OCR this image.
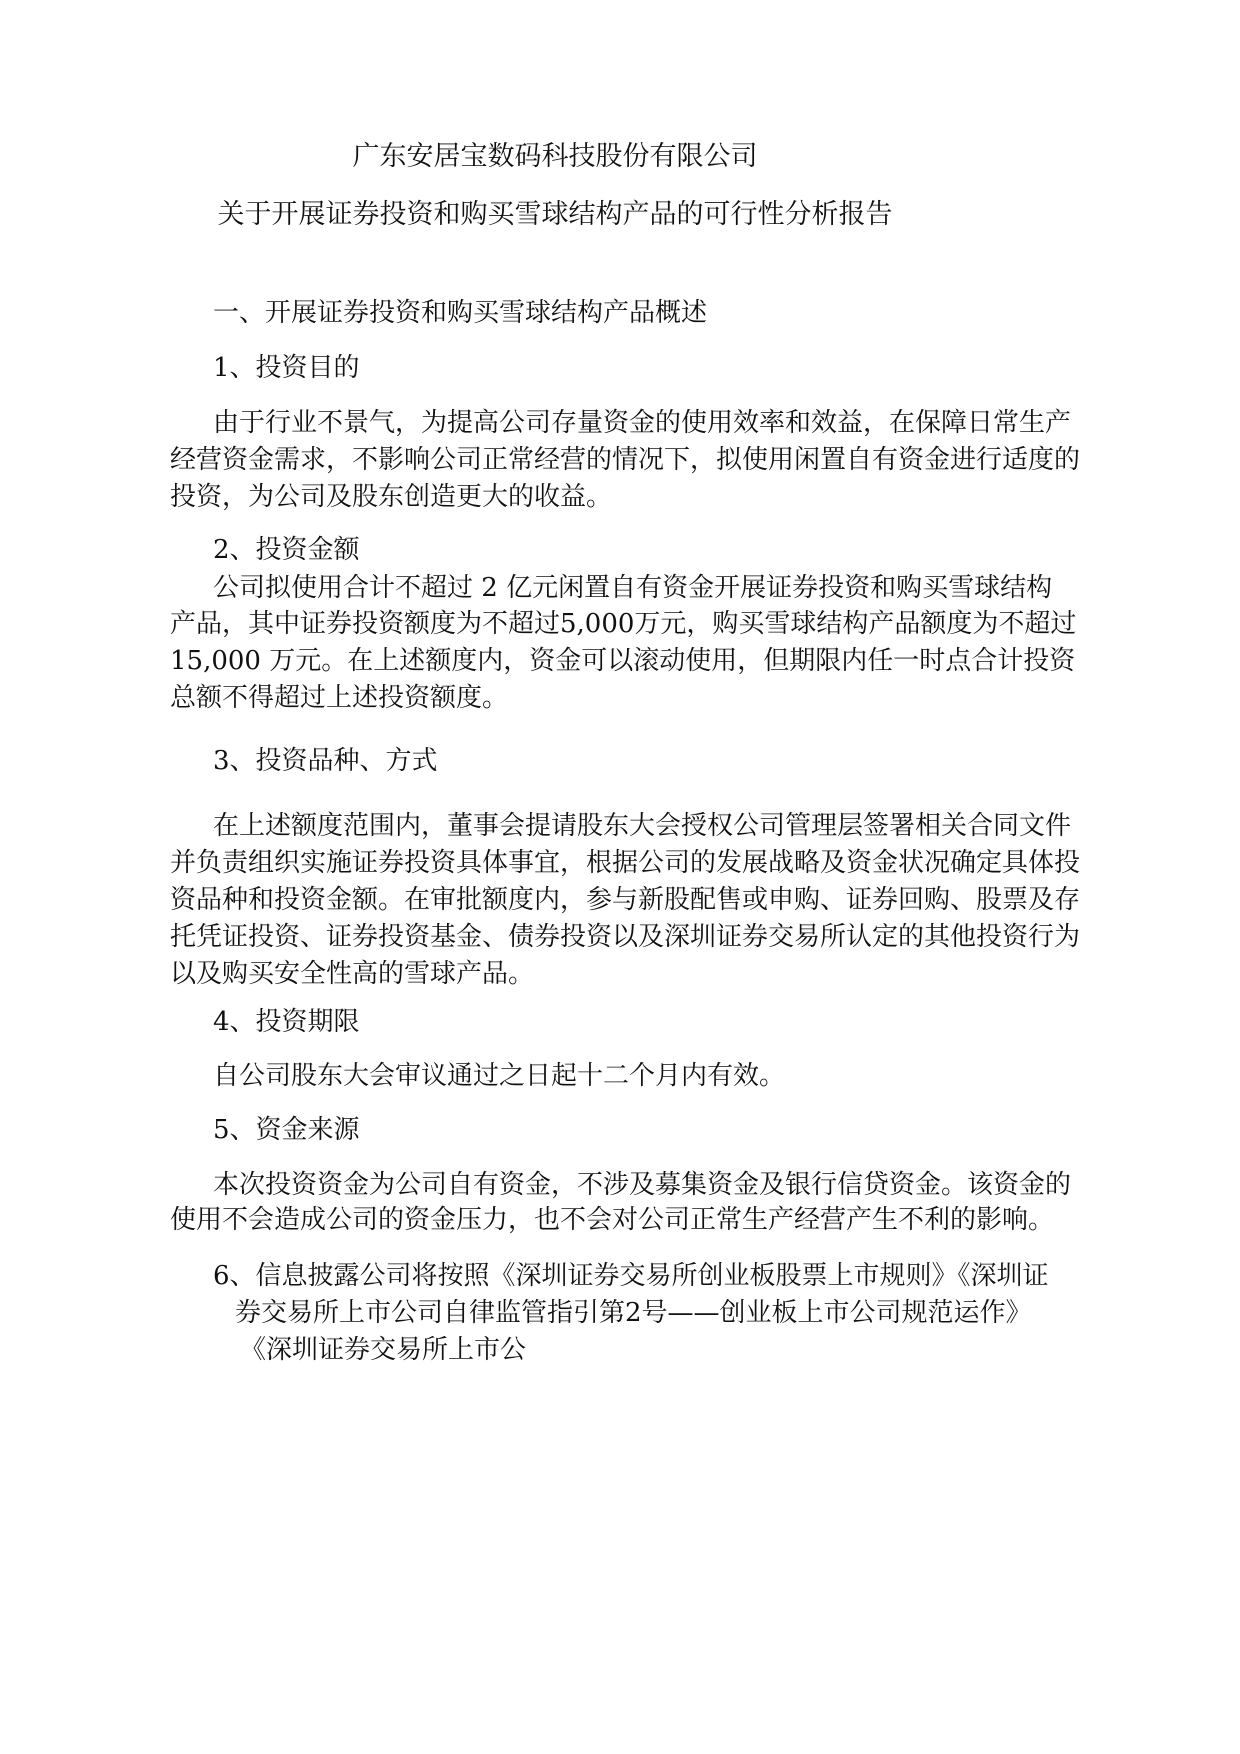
广东安居宝数码科技股份有限公司
关于开展证券投资和购买雪球结构产品的可行性分析报告
一、开展证券投资和购买雪球结构产品概述
1、投资目的
由于行业不景气，为提高公司存量资金的使用效率和效益，在保障日常生产
经营资金需求，不影响公司正常经营的情况下，拟使用闲置自有资金进行适度的
投资，为公司及股东创造更大的收益。
2、投资金额
公司拟使用合计不超过 2 亿元闲置自有资金开展证券投资和购买雪球结构
产品，其中证券投资额度为不超过5,000万元，购买雪球结构产品额度为不超过
15,000 万元。在上述额度内，资金可以滚动使用，但期限内任一时点合计投资
总额不得超过上述投资额度。
3、投资品种、方式
在上述额度范围内，董事会提请股东大会授权公司管理层签署相关合同文件
并负责组织实施证券投资具体事宜，根据公司的发展战略及资金状况确定具体投
资品种和投资金额。在审批额度内，参与新股配售或申购、证券回购、股票及存
托凭证投资、证券投资基金、债券投资以及深圳证券交易所认定的其他投资行为
以及购买安全性高的雪球产品。
4、投资期限
自公司股东大会审议通过之日起十二个月内有效。
5、资金来源
本次投资资金为公司自有资金，不涉及募集资金及银行信贷资金。该资金的
使用不会造成公司的资金压力，也不会对公司正常生产经营产生不利的影响。
6、信息披露公司将按照《深圳证券交易所创业板股票上市规则》《深圳证
券交易所上市公司自律监管指引第2号——创业板上市公司规范运作》
《深圳证券交易所上市公
